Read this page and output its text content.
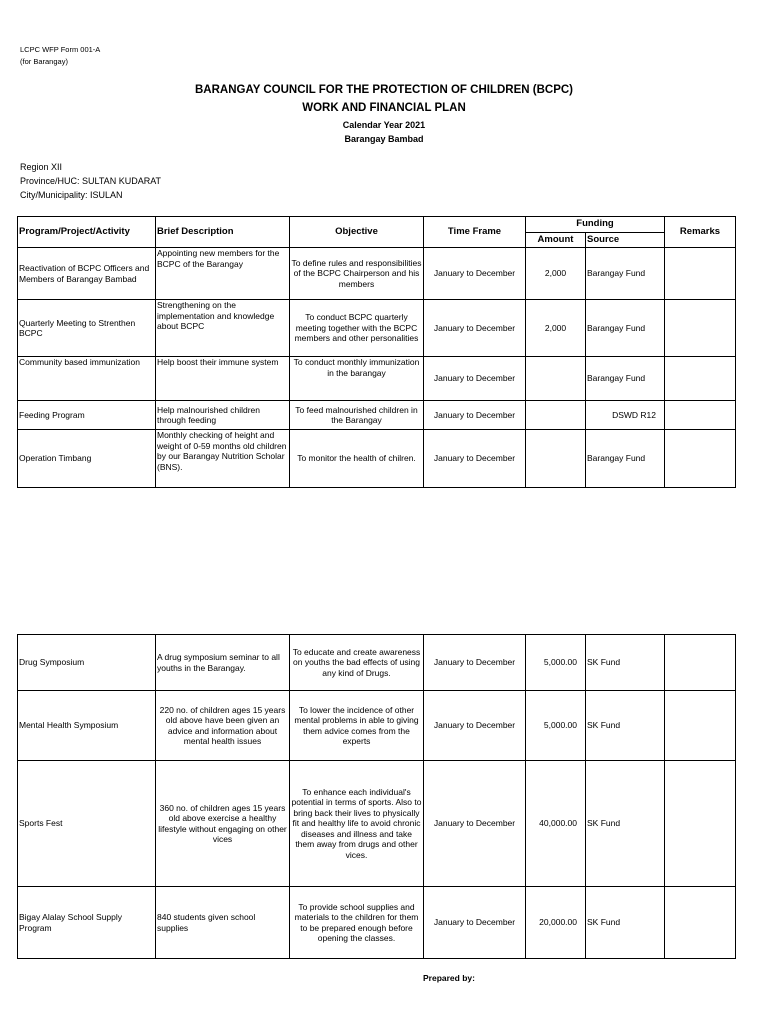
LCPC WFP Form 001-A
(for Barangay)
BARANGAY COUNCIL FOR THE PROTECTION OF CHILDREN (BCPC)
WORK AND FINANCIAL PLAN
Calendar Year 2021
Barangay Bambad
Region XII
Province/HUC: SULTAN KUDARAT
City/Municipality: ISULAN
Program/Project/Activity	Brief Description	Objective	Time Frame	Funding		Remarks
				Amount	Source	
Reactivation of BCPC Officers and Members of Barangay Bambad	Appointing new members for the BCPC of the Barangay	To define rules and responsibilities of the BCPC Chairperson and his members	January to December	2,000	Barangay Fund	
Quarterly Meeting to Strenthen BCPC	Strengthening on the implementation and knowledge about BCPC	To conduct BCPC quarterly meeting together with the BCPC members and other personalities	January to December	2,000	Barangay Fund	
Community based immunization	Help boost their immune system	To conduct monthly immunization in the barangay	January to December		Barangay Fund	
Feeding Program	Help malnourished children through feeding	To feed malnourished children in the Barangay	January to December		DSWD R12	
Operation Timbang	Monthly checking of height and weight of 0-59 months old children by our Barangay Nutrition Scholar (BNS).	To monitor the health of chilren.	January to December		Barangay Fund	
Drug Symposium	A drug symposium seminar to all youths in the Barangay.	To educate and create awareness on youths the bad effects of using any kind of Drugs.	January to December	5,000.00	SK Fund	
Mental Health Symposium	220 no. of children ages 15 years old above have been given an advice and information about mental health issues	To lower the incidence of other mental problems in able to giving them advice comes from the experts	January to December	5,000.00	SK Fund	
Sports Fest	360 no. of children ages 15 years old above exercise a healthy lifestyle without engaging on other vices	To enhance each individual's potential in terms of sports. Also to bring back their lives to physically fit and healthy life to avoid chronic diseases and illness and take them away from drugs and other vices.	January to December	40,000.00	SK Fund	
Bigay Alalay School Supply Program	840 students given school supplies	To provide school supplies and materials to the children for them to be prepared enough before opening the classes.	January to December	20,000.00	SK Fund	
Prepared by:
